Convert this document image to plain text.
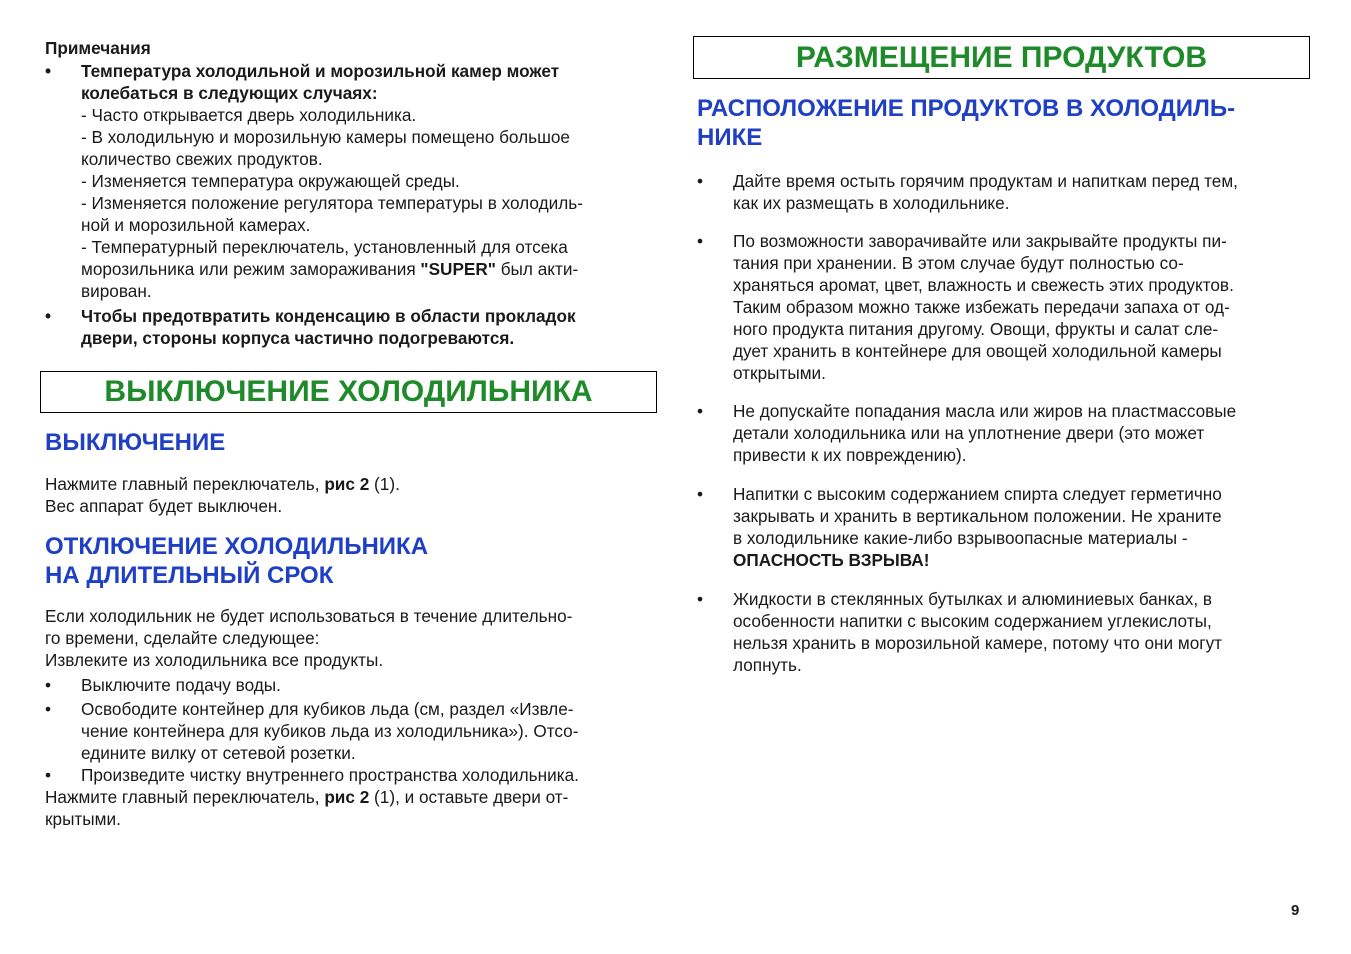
Примечания
• Температура холодильной и морозильной камер может
колебаться в следующих случаях:
- Часто открывается дверь холодильника.
- В холодильную и морозильную камеры помещено большое
количество свежих продуктов.
- Изменяется температура окружающей среды.
- Изменяется положение регулятора температуры в холодиль-
ной и морозильной камерах.
- Температурный переключатель, установленный для отсека
морозильника или режим замораживания "SUPER" был акти-
вирован.
• Чтобы предотвратить конденсацию в области прокладок
двери, стороны корпуса частично подогреваются.
ВЫКЛЮЧЕНИЕ ХОЛОДИЛЬНИКА
ВЫКЛЮЧЕНИЕ
Нажмите главный переключатель, рис 2 (1).
Вес аппарат будет выключен.
ОТКЛЮЧЕНИЕ ХОЛОДИЛЬНИКА
НА ДЛИТЕЛЬНЫЙ СРОК
Если холодильник не будет использоваться в течение длительно-
го времени, сделайте следующее:
Извлеките из холодильника все продукты.
• Выключите подачу воды.
• Освободите контейнер для кубиков льда (см, раздел «Извле-
чение контейнера для кубиков льда из холодильника»). Отсо-
едините вилку от сетевой розетки.
• Произведите чистку внутреннего пространства холодильника.
Нажмите главный переключатель, рис 2 (1), и оставьте двери от-
крытыми.
РАЗМЕЩЕНИЕ ПРОДУКТОВ
РАСПОЛОЖЕНИЕ ПРОДУКТОВ В ХОЛОДИЛЬ-
НИКЕ
• Дайте время остыть горячим продуктам и напиткам перед тем,
как их размещать в холодильнике.
• По возможности заворачивайте или закрывайте продукты пи-
тания при хранении. В этом случае будут полностью со-
храняться аромат, цвет, влажность и свежесть этих продуктов.
Таким образом можно также избежать передачи запаха от од-
ного продукта питания другому. Овощи, фрукты и салат сле-
дует хранить в контейнере для овощей холодильной камеры
открытыми.
• Не допускайте попадания масла или жиров на пластмассовые
детали холодильника или на уплотнение двери (это может
привести к их повреждению).
• Напитки с высоким содержанием спирта следует герметично
закрывать и хранить в вертикальном положении. Не храните
в холодильнике какие-либо взрывоопасные материалы -
ОПАСНОСТЬ ВЗРЫВА!
• Жидкости в стеклянных бутылках и алюминиевых банках, в
особенности напитки с высоким содержанием углекислоты,
нельзя хранить в морозильной камере, потому что они могут
лопнуть.
9
